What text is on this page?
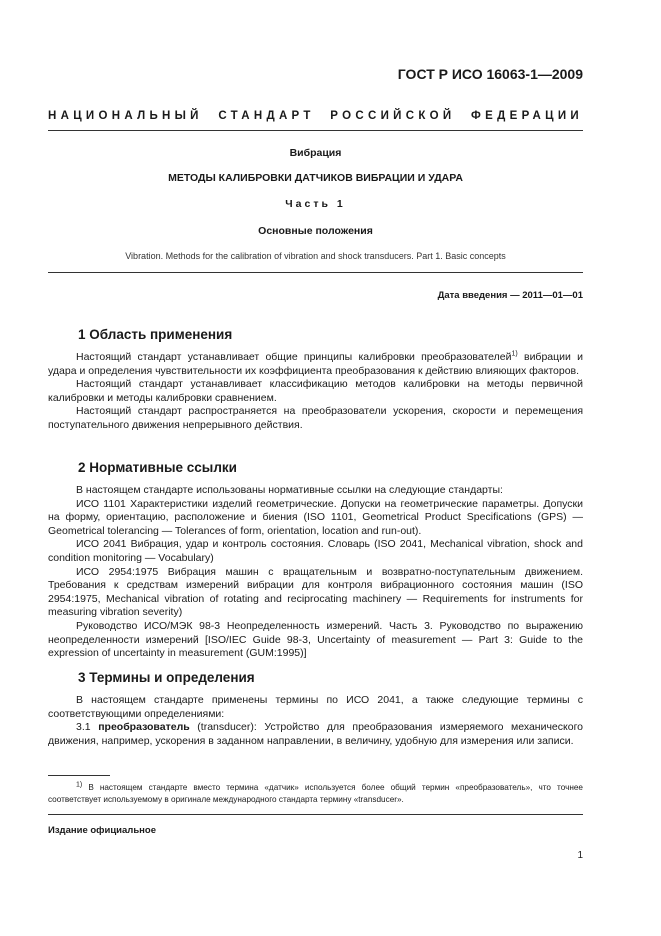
ГОСТ Р ИСО 16063-1—2009
НАЦИОНАЛЬНЫЙ СТАНДАРТ РОССИЙСКОЙ ФЕДЕРАЦИИ
Вибрация
МЕТОДЫ КАЛИБРОВКИ ДАТЧИКОВ ВИБРАЦИИ И УДАРА
Часть 1
Основные положения
Vibration. Methods for the calibration of vibration and shock transducers. Part 1. Basic concepts
Дата введения — 2011—01—01
1 Область применения

Настоящий стандарт устанавливает общие принципы калибровки преобразователей$^{1)}$ вибрации и удара и определения чувствительности их коэффициента преобразования к действию влияющих факторов.

Настоящий стандарт устанавливает классификацию методов калибровки на методы первичной калибровки и методы калибровки сравнением.

Настоящий стандарт распространяется на преобразователи ускорения, скорости и перемещения поступательного движения непрерывного действия.

2 Нормативные ссылки

В настоящем стандарте использованы нормативные ссылки на следующие стандарты:

ИСО 1101 Характеристики изделий геометрические. Допуски на геометрические параметры. Допуски на форму, ориентацию, расположение и биения (ISO 1101, Geometrical Product Specifications (GPS) — Geometrical tolerancing — Tolerances of form, orientation, location and run-out).

ИСО 2041 Вибрация, удар и контроль состояния. Словарь (ISO 2041, Mechanical vibration, shock and condition monitoring — Vocabulary)

ИСО 2954:1975 Вибрация машин с вращательным и возвратно-поступательным движением. Требования к средствам измерений вибрации для контроля вибрационного состояния машин (ISO 2954:1975, Mechanical vibration of rotating and reciprocating machinery — Requirements for instruments for measuring vibration severity)

Руководство ИСО/МЭК 98-3 Неопределенность измерений. Часть 3. Руководство по выражению неопределенности измерений [ISO/IEC Guide 98-3, Uncertainty of measurement — Part 3: Guide to the expression of uncertainty in measurement (GUM:1995)]

3 Термины и определения

В настоящем стандарте применены термины по ИСО 2041, а также следующие термины с соответствующими определениями:

3.1 преобразователь (transducer): Устройство для преобразования измеряемого механического движения, например, ускорения в заданном направлении, в величину, удобную для измерения или записи.

$^{1)}$ В настоящем стандарте вместо термина «датчик» используется более общий термин «преобразователь», что точнее соответствует используемому в оригинале международного стандарта термину «transducer».

Издание официальное
1
